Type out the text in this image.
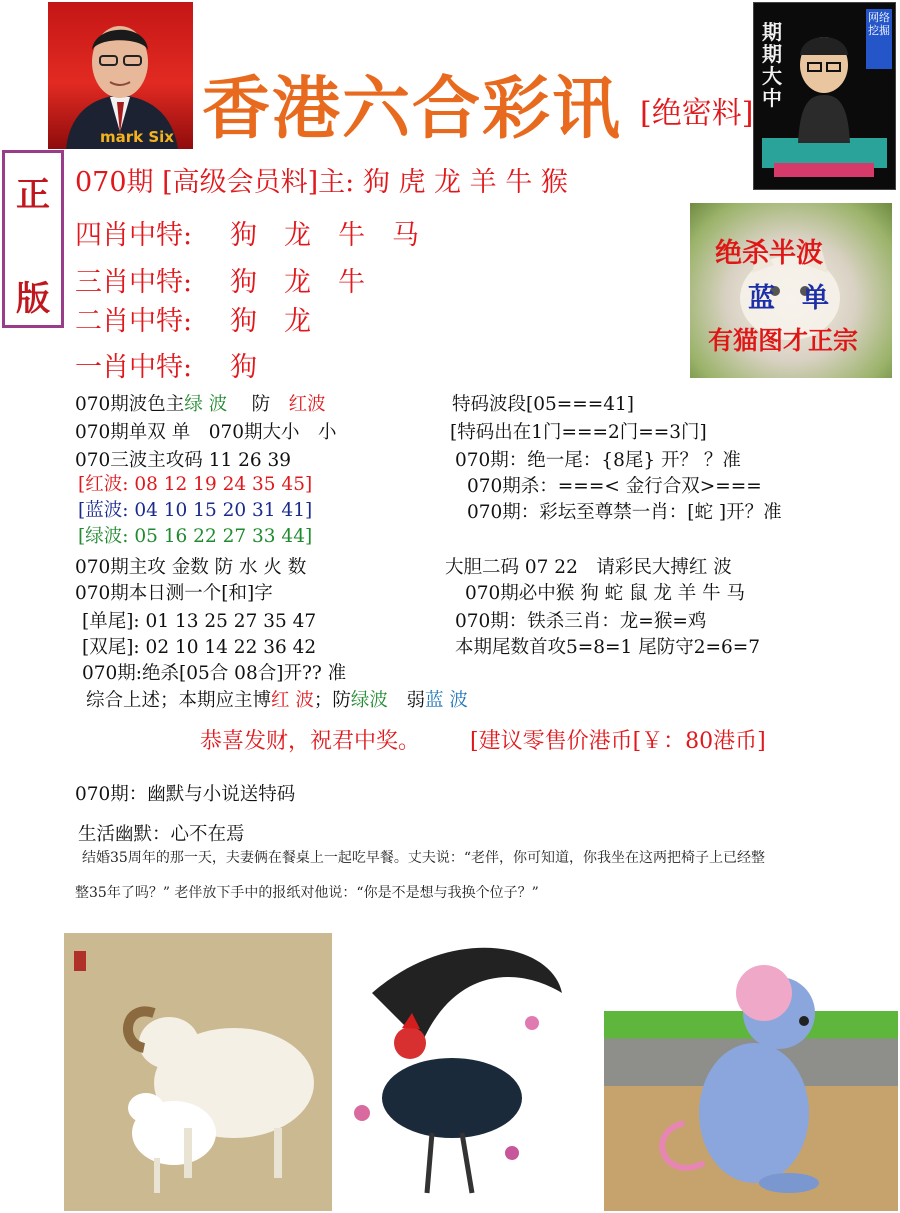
mark Six 香港六合彩讯 [绝密料]
期期大中
网络挖掘
正
版
070期 [高级会员料]主: 狗 虎 龙 羊 牛 猴
四肖中特: 狗　龙　牛　马
三肖中特: 狗　龙　牛
二肖中特: 狗　龙
一肖中特: 狗
绝杀半波
蓝　单
有猫图才正宗
070期波色主绿 波　 防　 红波
070期单双 单　070期大小　小
070三波主攻码 11 26 39
[红波: 08 12 19 24 35 45]
[蓝波: 04 10 15 20 31 41]
[绿波: 05 16 22 27 33 44]
070期主攻 金数 防 水 火 数
070期本日测一个[和]字
[单尾]: 01 13 25 27 35 47
[双尾]: 02 10 14 22 36 42
070期:绝杀[05合 08合]开?? 准
综合上述；本期应主博红 波；防绿波　弱蓝 波
特码波段[05===41]
[特码出在1门===2门==3门]
070期：绝一尾：{8尾} 开？ ？准
070期杀：===< 金行合双>===
070期：彩坛至尊禁一肖：[蛇 ]开？准
大胆二码 07 22　请彩民大搏红 波
070期必中猴 狗 蛇 鼠 龙 羊 牛 马
070期：铁杀三肖：龙=猴=鸡
本期尾数首攻5=8=1 尾防守2=6=7
恭喜发财，祝君中奖。 [建议零售价港币[￥：80港币]
070期：幽默与小说送特码
生活幽默：心不在焉
结婚35周年的那一天，夫妻俩在餐桌上一起吃早餐。丈夫说：“老伴，你可知道，你我坐在这两把椅子上已经整
整35年了吗？” 老伴放下手中的报纸对他说：“你是不是想与我换个位子？”
